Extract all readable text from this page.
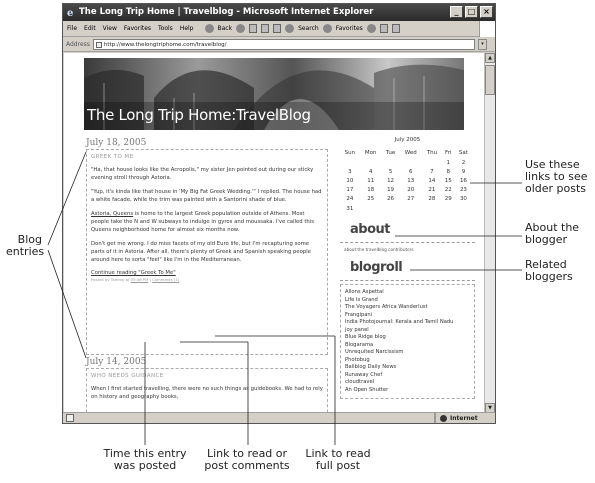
e The Long Trip Home | Travelblog - Microsoft Internet Explorer	_	□ ×
File Edit View Favorites Tools Help	Back	Search	Favorites
Address	http://www.thelongtriphome.com/travelblog/	▾
The Long Trip Home:TravelBlog
July 18, 2005
GREEK TO ME

"Ha, that house looks like the Acropolis," my sister Jen pointed out during our sticky evening stroll through Astoria.

"Yup, it's kinda like that house in 'My Big Fat Greek Wedding.'" I replied. The house had a white facade, while the trim was painted with a Santorini shade of blue.

Astoria, Queens is home to the largest Greek population outside of Athens. Most people take the N and W subways to indulge in gyros and moussaka. I've called this Queens neighborhood home for almost six months now.

Don't get me wrong. I do miss facets of my old Euro life, but I'm recapturing some parts of it in Astoria. After all, there's plenty of Greek and Spanish speaking people around here to sorta "feel" like I'm in the Mediterranean.

Continue reading "Greek To Me"
Posted by Tammy at 05:46 PM | Comments (1)
July 14, 2005
WHO NEEDS GUIDANCE

When I first started travelling, there were no such things as guidebooks. We had to rely on history and geography books,

July 2005
Sun	Mon	Tue	Wed	Thu	Fri	Sat
					1	2
3	4	5	6	7	8	9
10	11	12	13	14	15	16
17	18	19	20	21	22	23
24	25	26	27	28	29	30
31						
about
about the travelblog contributors
blogroll
Allons Aspettal
Life Is Grand
The Voyagers Africa Wanderlust
Frangipani
India Photojournal: Kerala and Tamil Nadu
joy panel
Blue Ridge blog
Blogarama
Unrequited Narcissism
Photobug
Baliblog Daily News
Runaway Chef
cloudtravel
An Open Shutter
▲
▼
Internet
Blog
entries
Use these
links to see
older posts
About the
blogger
Related
bloggers
Time this entry
was posted
Link to read or
post comments
Link to read
full post
